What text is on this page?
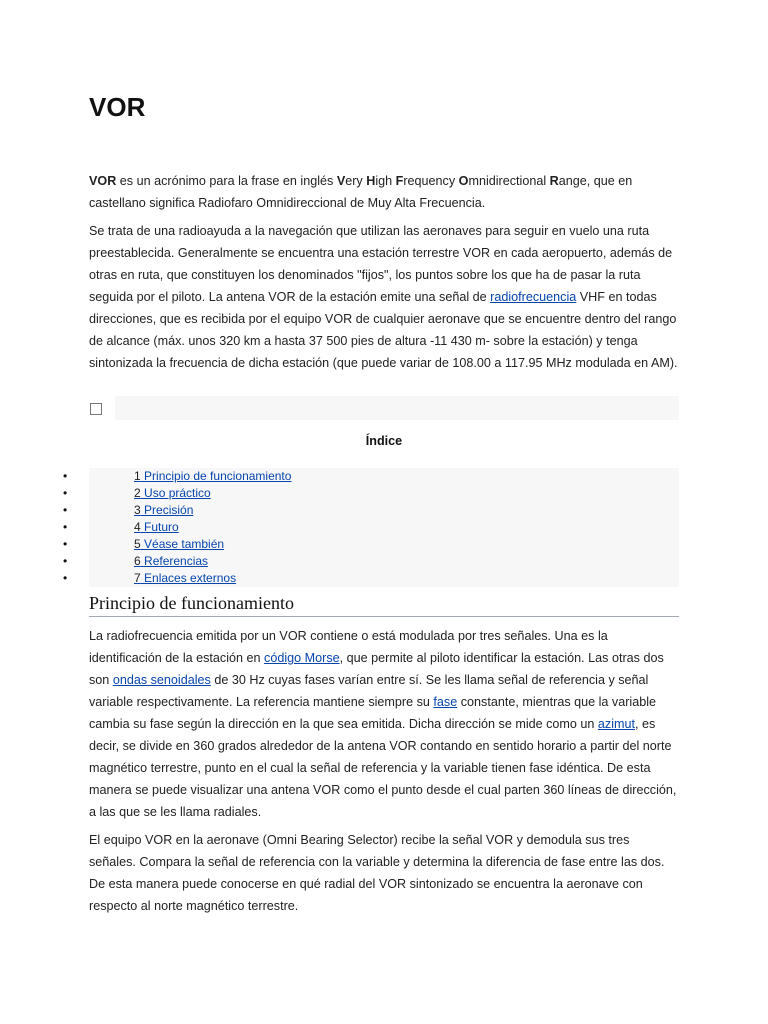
VOR

VOR es un acrónimo para la frase en inglés Very High Frequency Omnidirectional Range, que en castellano significa Radiofaro Omnidireccional de Muy Alta Frecuencia.

Se trata de una radioayuda a la navegación que utilizan las aeronaves para seguir en vuelo una ruta preestablecida. Generalmente se encuentra una estación terrestre VOR en cada aeropuerto, además de otras en ruta, que constituyen los denominados "fijos", los puntos sobre los que ha de pasar la ruta seguida por el piloto. La antena VOR de la estación emite una señal de radiofrecuencia VHF en todas direcciones, que es recibida por el equipo VOR de cualquier aeronave que se encuentre dentro del rango de alcance (máx. unos 320 km a hasta 37 500 pies de altura -11 430 m- sobre la estación) y tenga sintonizada la frecuencia de dicha estación (que puede variar de 108.00 a 117.95 MHz modulada en AM).

Índice
•	1 Principio de funcionamiento
•	2 Uso práctico
•	3 Precisión
•	4 Futuro
•	5 Véase también
•	6 Referencias
•	7 Enlaces externos
Principio de funcionamiento

La radiofrecuencia emitida por un VOR contiene o está modulada por tres señales. Una es la identificación de la estación en código Morse, que permite al piloto identificar la estación. Las otras dos son ondas senoidales de 30 Hz cuyas fases varían entre sí. Se les llama señal de referencia y señal variable respectivamente. La referencia mantiene siempre su fase constante, mientras que la variable cambia su fase según la dirección en la que sea emitida. Dicha dirección se mide como un azimut, es decir, se divide en 360 grados alrededor de la antena VOR contando en sentido horario a partir del norte magnético terrestre, punto en el cual la señal de referencia y la variable tienen fase idéntica. De esta manera se puede visualizar una antena VOR como el punto desde el cual parten 360 líneas de dirección, a las que se les llama radiales.

El equipo VOR en la aeronave (Omni Bearing Selector) recibe la señal VOR y demodula sus tres señales. Compara la señal de referencia con la variable y determina la diferencia de fase entre las dos. De esta manera puede conocerse en qué radial del VOR sintonizado se encuentra la aeronave con respecto al norte magnético terrestre.
